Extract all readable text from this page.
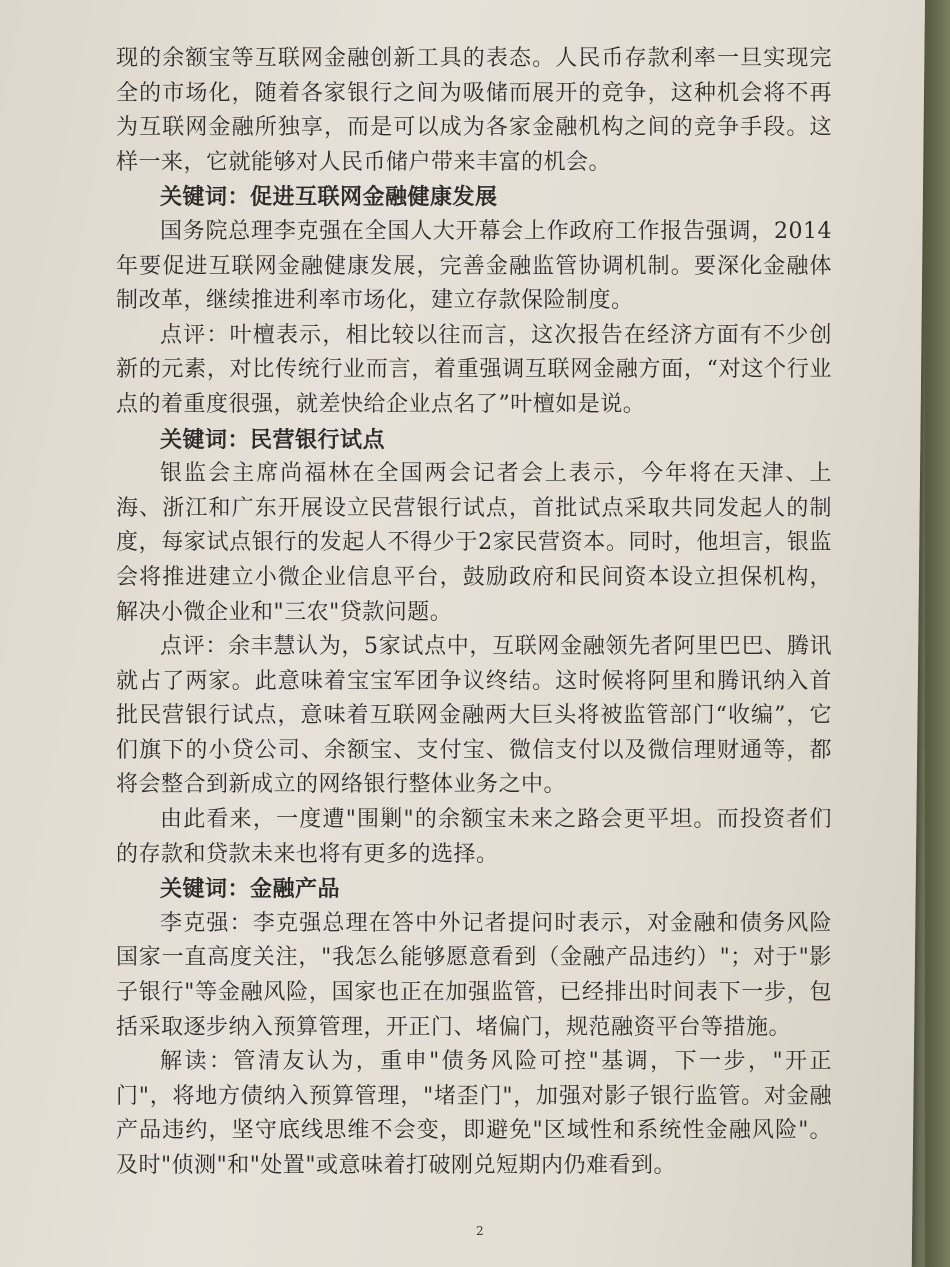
现的余额宝等互联网金融创新工具的表态。人民币存款利率一旦实现完全的市场化，随着各家银行之间为吸储而展开的竞争，这种机会将不再为互联网金融所独享，而是可以成为各家金融机构之间的竞争手段。这样一来，它就能够对人民币储户带来丰富的机会。

关键词：促进互联网金融健康发展

国务院总理李克强在全国人大开幕会上作政府工作报告强调，2014年要促进互联网金融健康发展，完善金融监管协调机制。要深化金融体制改革，继续推进利率市场化，建立存款保险制度。

点评：叶檀表示，相比较以往而言，这次报告在经济方面有不少创新的元素，对比传统行业而言，着重强调互联网金融方面，“对这个行业点的着重度很强，就差快给企业点名了”叶檀如是说。

关键词：民营银行试点

银监会主席尚福林在全国两会记者会上表示，今年将在天津、上海、浙江和广东开展设立民营银行试点，首批试点采取共同发起人的制度，每家试点银行的发起人不得少于2家民营资本。同时，他坦言，银监会将推进建立小微企业信息平台，鼓励政府和民间资本设立担保机构，解决小微企业和"三农"贷款问题。

点评：余丰慧认为，5家试点中，互联网金融领先者阿里巴巴、腾讯就占了两家。此意味着宝宝军团争议终结。这时候将阿里和腾讯纳入首批民营银行试点，意味着互联网金融两大巨头将被监管部门“收编”，它们旗下的小贷公司、余额宝、支付宝、微信支付以及微信理财通等，都将会整合到新成立的网络银行整体业务之中。

由此看来，一度遭"围剿"的余额宝未来之路会更平坦。而投资者们的存款和贷款未来也将有更多的选择。

关键词：金融产品

李克强：李克强总理在答中外记者提问时表示，对金融和债务风险国家一直高度关注，"我怎么能够愿意看到（金融产品违约）"；对于"影子银行"等金融风险，国家也正在加强监管，已经排出时间表下一步，包括采取逐步纳入预算管理，开正门、堵偏门，规范融资平台等措施。

解读：管清友认为，重申"债务风险可控"基调，下一步，"开正门"，将地方债纳入预算管理，"堵歪门"，加强对影子银行监管。对金融产品违约，坚守底线思维不会变，即避免"区域性和系统性金融风险"。及时"侦测"和"处置"或意味着打破刚兑短期内仍难看到。

2
